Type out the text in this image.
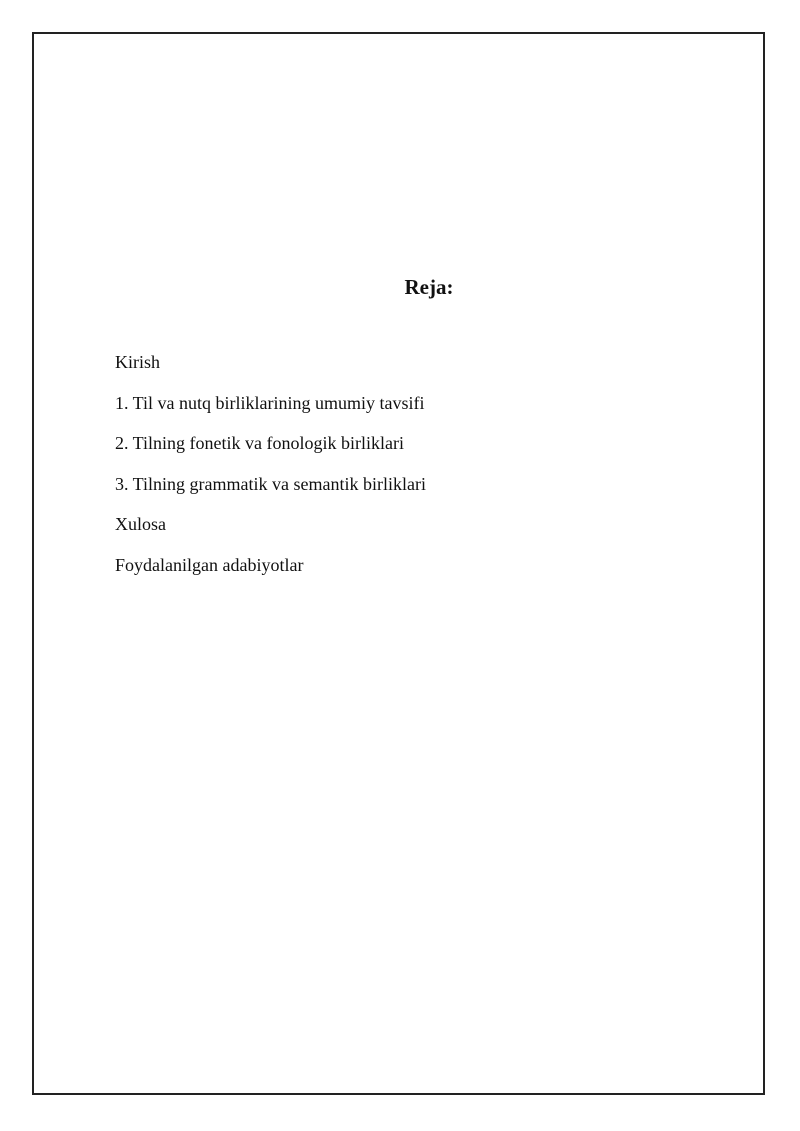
Reja:
Kirish
1. Til va nutq birliklarining umumiy tavsifi
2. Tilning fonetik va fonologik birliklari
3. Tilning grammatik va semantik birliklari
Xulosa
Foydalanilgan adabiyotlar
